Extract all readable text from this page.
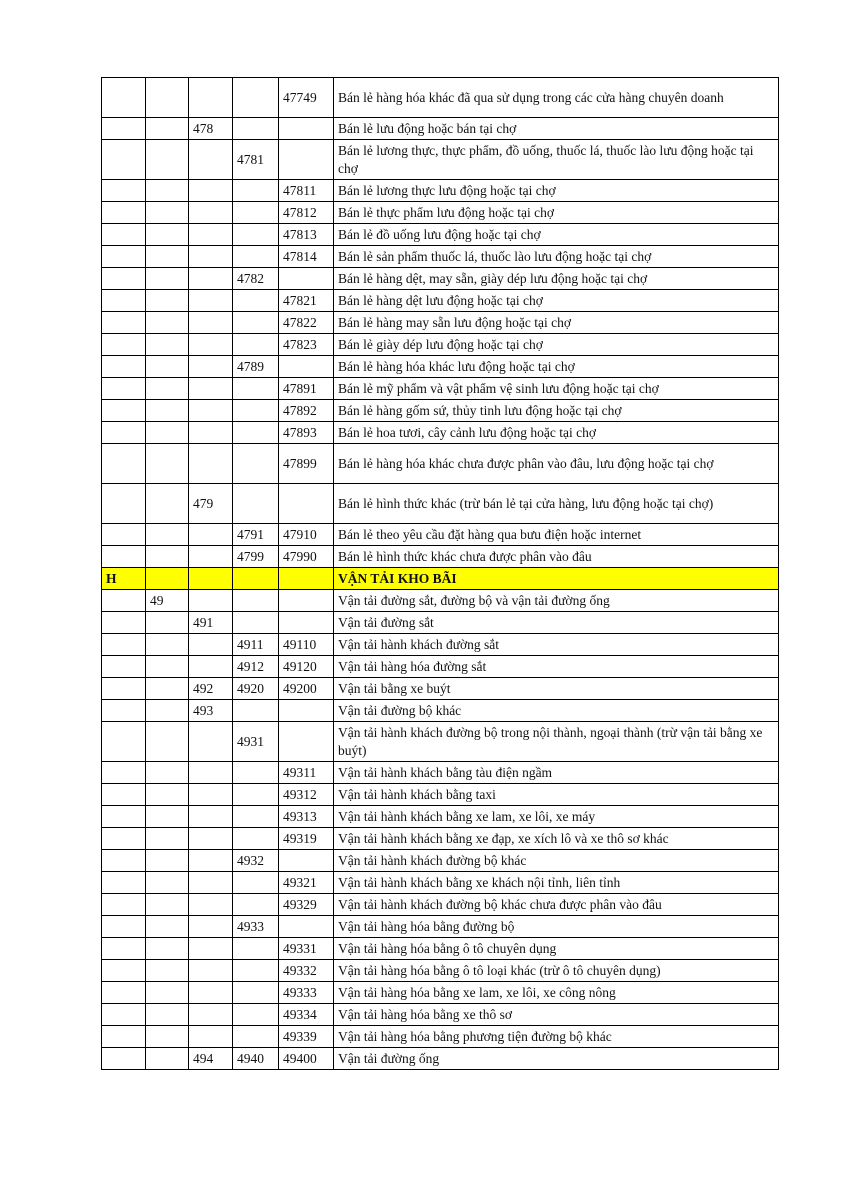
				47749	Bán lẻ hàng hóa khác đã qua sử dụng trong các cửa hàng chuyên doanh
		478			Bán lẻ lưu động hoặc bán tại chợ
			4781		Bán lẻ lương thực, thực phẩm, đồ uống, thuốc lá, thuốc lào lưu động hoặc tại chợ
				47811	Bán lẻ lương thực lưu động hoặc tại chợ
				47812	Bán lẻ thực phẩm lưu động hoặc tại chợ
				47813	Bán lẻ đồ uống lưu động hoặc tại chợ
				47814	Bán lẻ sản phẩm thuốc lá, thuốc lào lưu động hoặc tại chợ
			4782		Bán lẻ hàng dệt, may sẵn, giày dép lưu động hoặc tại chợ
				47821	Bán lẻ hàng dệt lưu động hoặc tại chợ
				47822	Bán lẻ hàng may sẵn lưu động hoặc tại chợ
				47823	Bán lẻ giày dép lưu động hoặc tại chợ
			4789		Bán lẻ hàng hóa khác lưu động hoặc tại chợ
				47891	Bán lẻ mỹ phẩm và vật phẩm vệ sinh lưu động hoặc tại chợ
				47892	Bán lẻ hàng gốm sứ, thủy tinh lưu động hoặc tại chợ
				47893	Bán lẻ hoa tươi, cây cảnh lưu động hoặc tại chợ
				47899	Bán lẻ hàng hóa khác chưa được phân vào đâu, lưu động hoặc tại chợ
		479			Bán lẻ hình thức khác (trừ bán lẻ tại cửa hàng, lưu động hoặc tại chợ)
			4791	47910	Bán lẻ theo yêu cầu đặt hàng qua bưu điện hoặc internet
			4799	47990	Bán lẻ hình thức khác chưa được phân vào đâu
H					VẬN TẢI KHO BÃI
	49				Vận tải đường sắt, đường bộ và vận tải đường ống
		491			Vận tải đường sắt
			4911	49110	Vận tải hành khách đường sắt
			4912	49120	Vận tải hàng hóa đường sắt
		492	4920	49200	Vận tải bằng xe buýt
		493			Vận tải đường bộ khác
			4931		Vận tải hành khách đường bộ trong nội thành, ngoại thành (trừ vận tải bằng xe buýt)
				49311	Vận tải hành khách bằng tàu điện ngầm
				49312	Vận tải hành khách bằng taxi
				49313	Vận tải hành khách bằng xe lam, xe lôi, xe máy
				49319	Vận tải hành khách bằng xe đạp, xe xích lô và xe thô sơ khác
			4932		Vận tải hành khách đường bộ khác
				49321	Vận tải hành khách bằng xe khách nội tỉnh, liên tỉnh
				49329	Vận tải hành khách đường bộ khác chưa được phân vào đâu
			4933		Vận tải hàng hóa bằng đường bộ
				49331	Vận tải hàng hóa bằng ô tô chuyên dụng
				49332	Vận tải hàng hóa bằng ô tô loại khác (trừ ô tô chuyên dụng)
				49333	Vận tải hàng hóa bằng xe lam, xe lôi, xe công nông
				49334	Vận tải hàng hóa bằng xe thô sơ
				49339	Vận tải hàng hóa bằng phương tiện đường bộ khác
		494	4940	49400	Vận tải đường ống
